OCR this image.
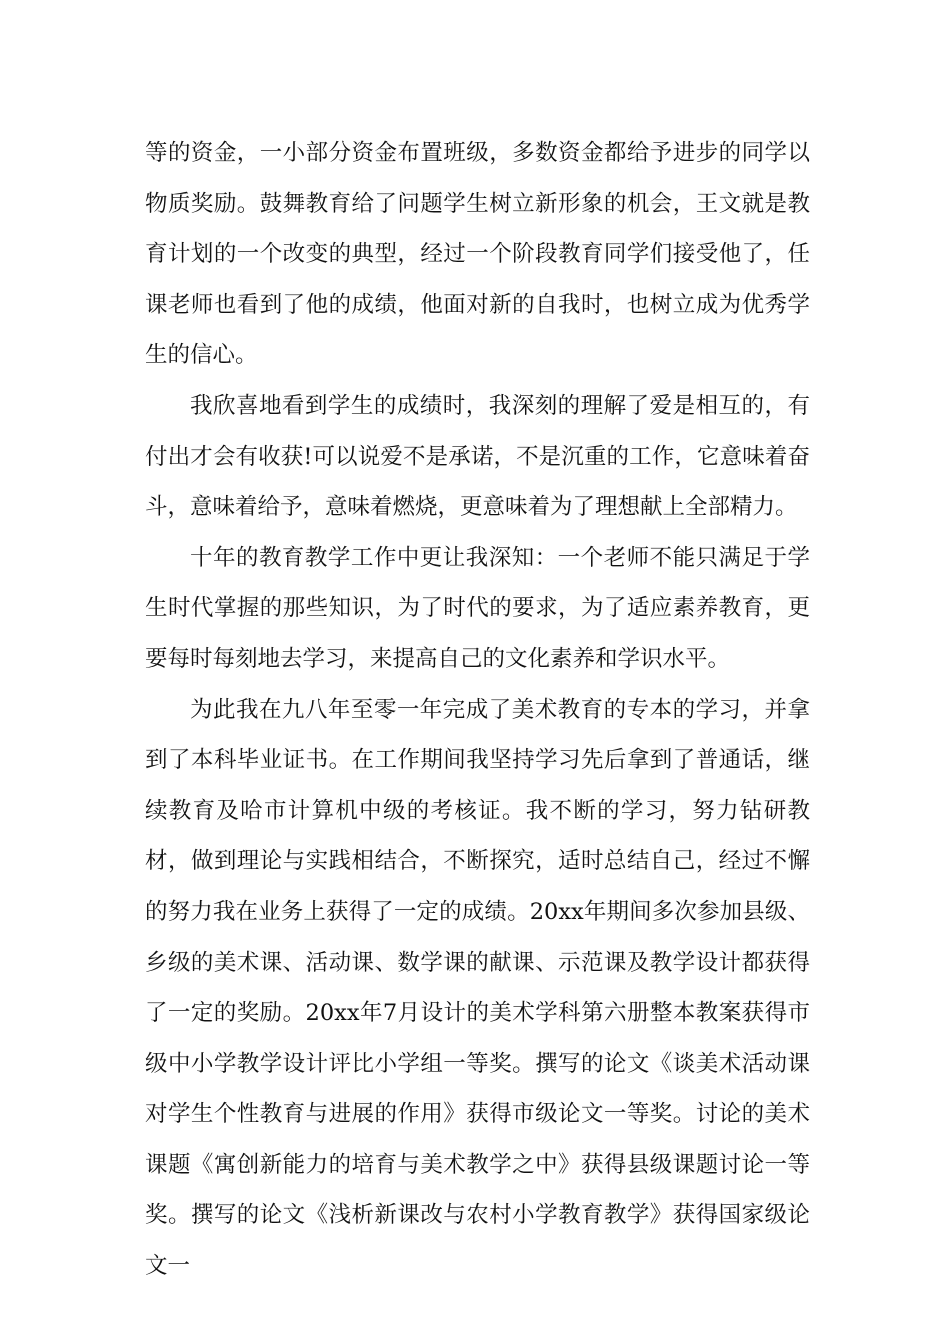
等的资金，一小部分资金布置班级，多数资金都给予进步的同学以物质奖励。鼓舞教育给了问题学生树立新形象的机会，王文就是教育计划的一个改变的典型，经过一个阶段教育同学们接受他了，任课老师也看到了他的成绩，他面对新的自我时，也树立成为优秀学生的信心。

我欣喜地看到学生的成绩时，我深刻的理解了爱是相互的，有付出才会有收获!可以说爱不是承诺，不是沉重的工作，它意味着奋斗，意味着给予，意味着燃烧，更意味着为了理想献上全部精力。

十年的教育教学工作中更让我深知：一个老师不能只满足于学生时代掌握的那些知识，为了时代的要求，为了适应素养教育，更要每时每刻地去学习，来提高自己的文化素养和学识水平。

为此我在九八年至零一年完成了美术教育的专本的学习，并拿到了本科毕业证书。在工作期间我坚持学习先后拿到了普通话，继续教育及哈市计算机中级的考核证。我不断的学习，努力钻研教材，做到理论与实践相结合，不断探究，适时总结自己，经过不懈的努力我在业务上获得了一定的成绩。20xx年期间多次参加县级、乡级的美术课、活动课、数学课的献课、示范课及教学设计都获得了一定的奖励。20xx年7月设计的美术学科第六册整本教案获得市级中小学教学设计评比小学组一等奖。撰写的论文《谈美术活动课对学生个性教育与进展的作用》获得市级论文一等奖。讨论的美术课题《寓创新能力的培育与美术教学之中》获得县级课题讨论一等奖。撰写的论文《浅析新课改与农村小学教育教学》获得国家级论文一
